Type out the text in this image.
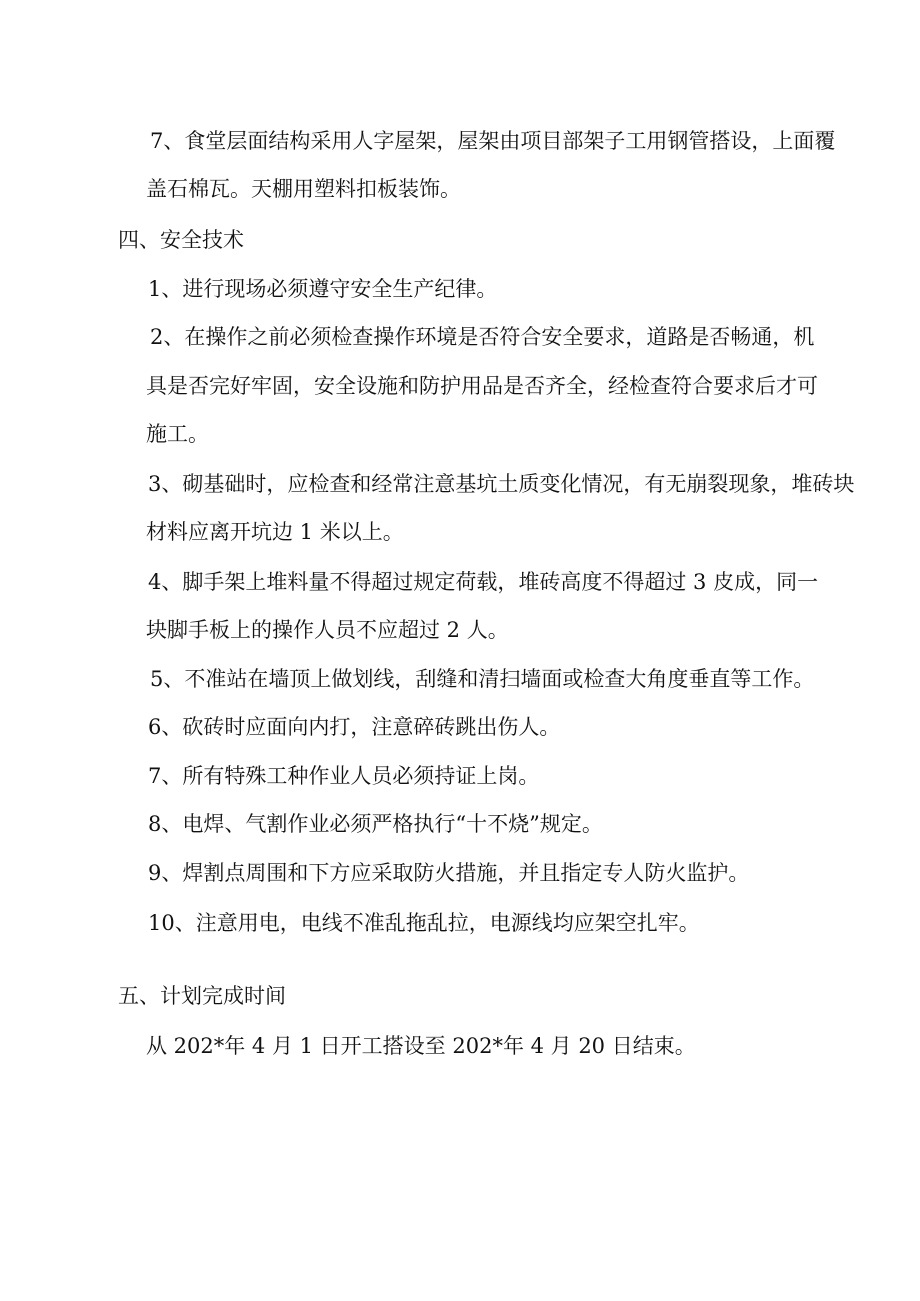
7、食堂层面结构采用人字屋架，屋架由项目部架子工用钢管搭设，上面覆
盖石棉瓦。天棚用塑料扣板装饰。
四、安全技术
1、进行现场必须遵守安全生产纪律。
2、在操作之前必须检查操作环境是否符合安全要求，道路是否畅通，机
具是否完好牢固，安全设施和防护用品是否齐全，经检查符合要求后才可
施工。
3、砌基础时，应检查和经常注意基坑土质变化情况，有无崩裂现象，堆砖块
材料应离开坑边 1 米以上。
4、脚手架上堆料量不得超过规定荷载，堆砖高度不得超过 3 皮成，同一
块脚手板上的操作人员不应超过 2 人。
5、不准站在墙顶上做划线，刮缝和清扫墙面或检查大角度垂直等工作。
6、砍砖时应面向内打，注意碎砖跳出伤人。
7、所有特殊工种作业人员必须持证上岗。
8、电焊、气割作业必须严格执行“十不烧”规定。
9、焊割点周围和下方应采取防火措施，并且指定专人防火监护。
10、注意用电，电线不准乱拖乱拉，电源线均应架空扎牢。
五、计划完成时间
从 202*年 4 月 1 日开工搭设至 202*年 4 月 20 日结束。
